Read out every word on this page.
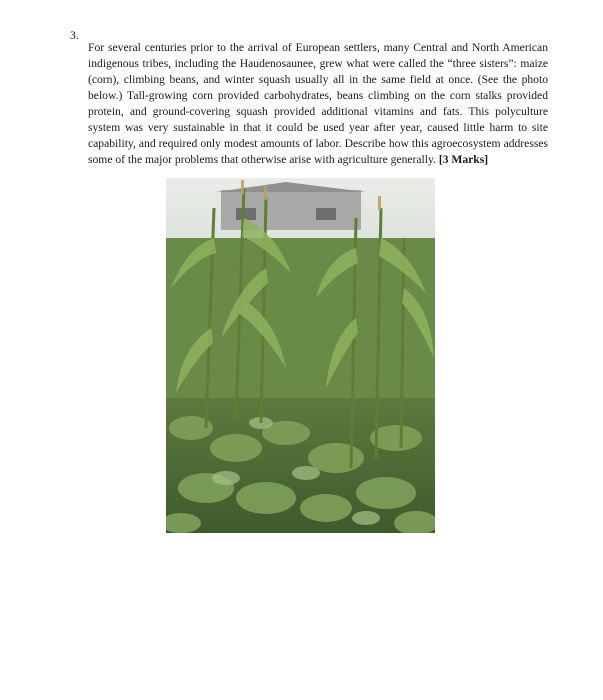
3.

For several centuries prior to the arrival of European settlers, many Central and North American indigenous tribes, including the Haudenosaunee, grew what were called the “three sisters”: maize (corn), climbing beans, and winter squash usually all in the same field at once. (See the photo below.) Tall-growing corn provided carbohydrates, beans climbing on the corn stalks provided protein, and ground-covering squash provided additional vitamins and fats. This polyculture system was very sustainable in that it could be used year after year, caused little harm to site capability, and required only modest amounts of labor. Describe how this agroecosystem addresses some of the major problems that otherwise arise with agriculture generally. [3 Marks]
